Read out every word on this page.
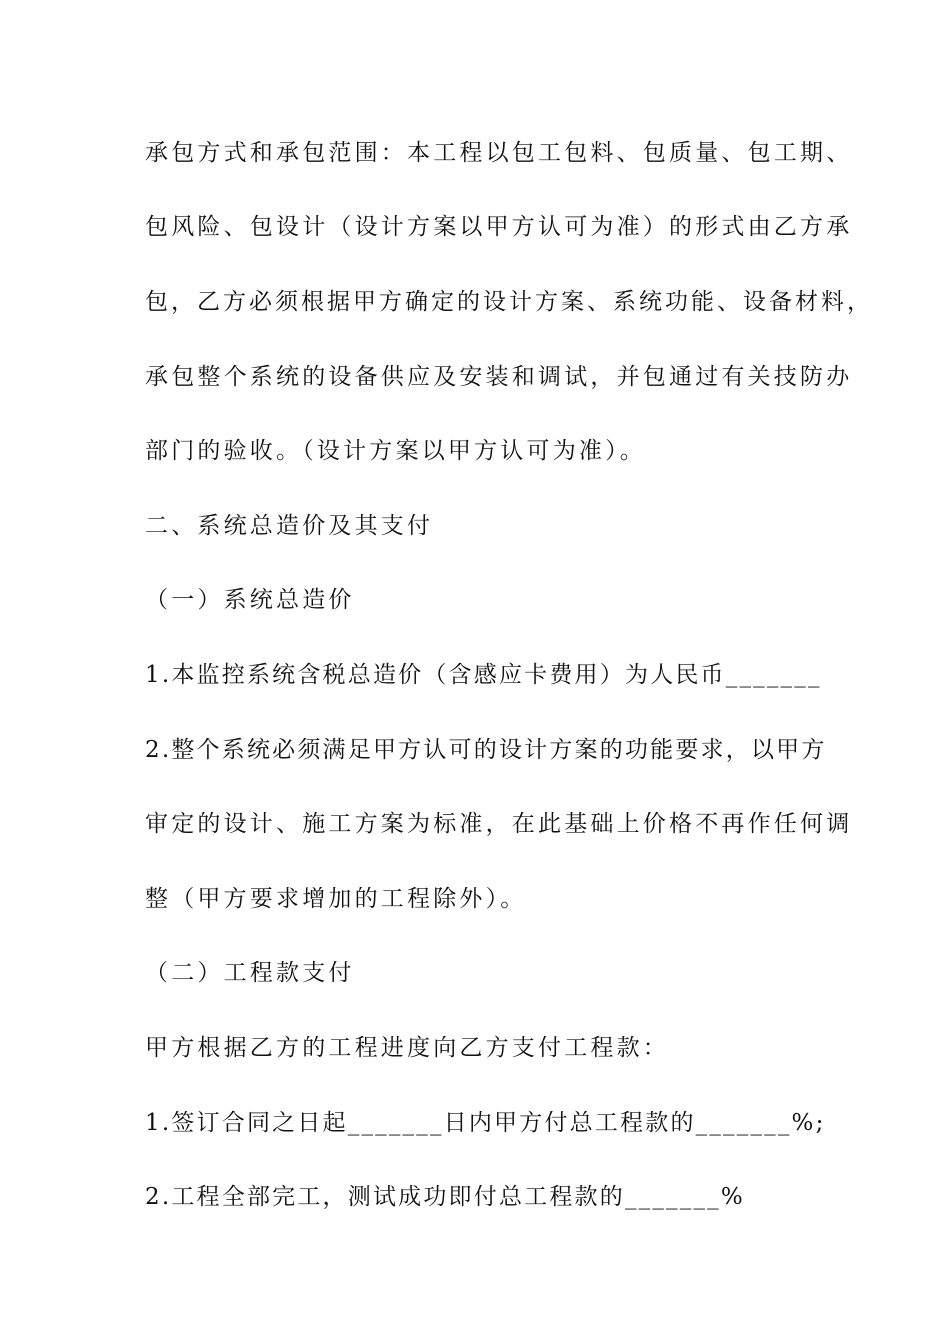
承包方式和承包范围：本工程以包工包料、包质量、包工期、

包风险、包设计（设计方案以甲方认可为准）的形式由乙方承

包，乙方必须根据甲方确定的设计方案、系统功能、设备材料，

承包整个系统的设备供应及安装和调试，并包通过有关技防办

部门的验收。（设计方案以甲方认可为准）。

二、系统总造价及其支付

（一）系统总造价

1.本监控系统含税总造价（含感应卡费用）为人民币_______

2.整个系统必须满足甲方认可的设计方案的功能要求，以甲方

审定的设计、施工方案为标准，在此基础上价格不再作任何调

整（甲方要求增加的工程除外）。

（二）工程款支付

甲方根据乙方的工程进度向乙方支付工程款：

1.签订合同之日起_______日内甲方付总工程款的_______%;

2.工程全部完工，测试成功即付总工程款的_______%
